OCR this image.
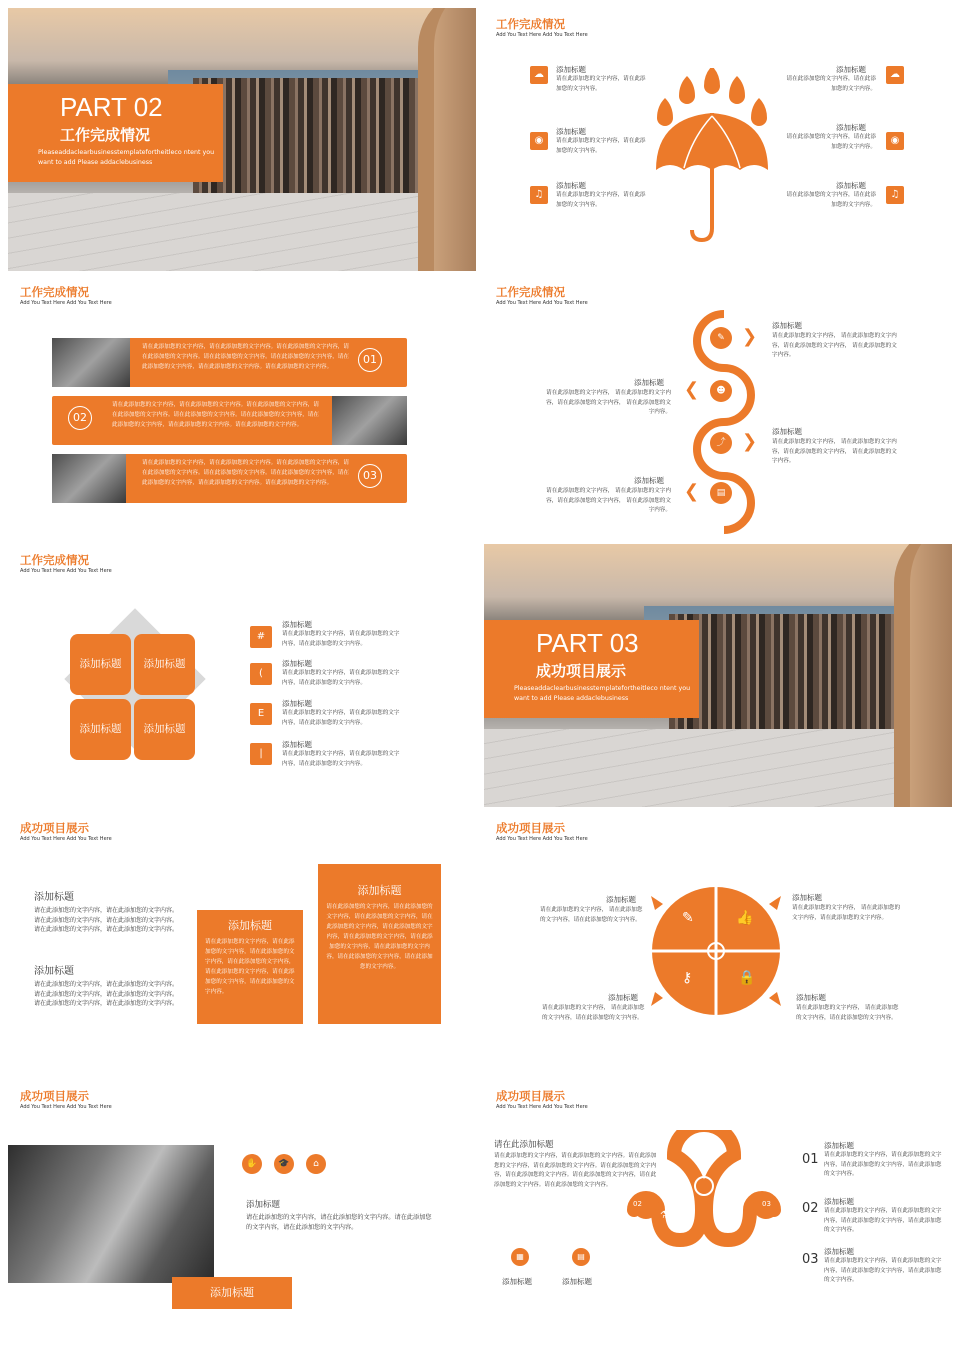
PART 02
工作完成情况
Pleaseaddaclearbusinesstemplatefortheitleco ntent you want to add Please addaclebusiness
工作完成情况
Add You Text Here Add You Text Here
☁	添加标题
请在此添加您的文字内容，请在此添加您的文字内容。
◉
添加标题
请在此添加您的文字内容，请在此添加您的文字内容。
♫
添加标题
请在此添加您的文字内容，请在此添加您的文字内容。
☁
添加标题
请在此添加您的文字内容，请在此添加您的文字内容。
◉
添加标题
请在此添加您的文字内容，请在此添加您的文字内容。
♫
添加标题
请在此添加您的文字内容，请在此添加您的文字内容。
工作完成情况
Add You Text Here Add You Text Here
请在此添加您的文字内容，请在此添加您的文字内容。请在此添加您的文字内容，请在此添加您的文字内容。请在此添加您的文字内容。请在此添加您的文字内容，请在此添加您的文字内容，请在此添加您的文字内容。请在此添加您的文字内容。
01
02
请在此添加您的文字内容，请在此添加您的文字内容。请在此添加您的文字内容，请在此添加您的文字内容。请在此添加您的文字内容。请在此添加您的文字内容，请在此添加您的文字内容，请在此添加您的文字内容。请在此添加您的文字内容。
请在此添加您的文字内容，请在此添加您的文字内容。请在此添加您的文字内容，请在此添加您的文字内容。请在此添加您的文字内容。请在此添加您的文字内容，请在此添加您的文字内容，请在此添加您的文字内容。请在此添加您的文字内容。
03
工作完成情况
Add You Text Here Add You Text Here
✎
☻
⤴
▤
❯
❮
❯
❮
添加标题
请在此添加您的文字内容， 请在此添加您的文字内容，请在此添加您的文字内容， 请在此添加您的文字内容。
添加标题
请在此添加您的文字内容， 请在此添加您的文字内容，请在此添加您的文字内容， 请在此添加您的文字内容。
添加标题
请在此添加您的文字内容， 请在此添加您的文字内容，请在此添加您的文字内容， 请在此添加您的文字内容。
添加标题
请在此添加您的文字内容， 请在此添加您的文字内容，请在此添加您的文字内容， 请在此添加您的文字内容。
工作完成情况
Add You Text Here Add You Text Here
添加标题	添加标题
添加标题	添加标题
#
添加标题
请在此添加您的文字内容，请在此添加您的文字内容，请在此添加您的文字内容。
(
添加标题
请在此添加您的文字内容，请在此添加您的文字内容，请在此添加您的文字内容。
E
添加标题
请在此添加您的文字内容，请在此添加您的文字内容，请在此添加您的文字内容。
|
添加标题
请在此添加您的文字内容，请在此添加您的文字内容，请在此添加您的文字内容。
PART 03
成功项目展示
Pleaseaddaclearbusinesstemplatefortheitleco ntent you want to add Please addaclebusiness
成功项目展示
Add You Text Here Add You Text Here
添加标题
请在此添加您的文字内容，请在此添加您的文字内容。请在此添加您的文字内容，请在此添加您的文字内容。请在此添加您的文字内容，请在此添加您的文字内容。
添加标题
请在此添加您的文字内容，请在此添加您的文字内容。请在此添加您的文字内容，请在此添加您的文字内容。请在此添加您的文字内容，请在此添加您的文字内容。
添加标题
请在此添加您的文字内容，请在此添加您的文字内容，请在此添加您的文字内容，请在此添加您的文字内容，请在此添加您的文字内容，请在此添加您的文字内容，请在此添加您的文字内容。
添加标题
请在此添加您的文字内容，请在此添加您的文字内容，请在此添加您的文字内容，请在此添加您的文字内容，请在此添加您的文字内容，请在此添加您的文字内容，请在此添加您的文字内容，请在此添加您的文字内容，请在此添加您的文字内容，请在此添加您的文字内容。
成功项目展示
Add You Text Here Add You Text Here
✎	👍
⚷	🔒
添加标题
请在此添加您的文字内容， 请在此添加您的文字内容，请在此添加您的文字内容。
添加标题
请在此添加您的文字内容， 请在此添加您的文字内容，请在此添加您的文字内容。
添加标题
请在此添加您的文字内容， 请在此添加您的文字内容，请在此添加您的文字内容。
添加标题
请在此添加您的文字内容， 请在此添加您的文字内容，请在此添加您的文字内容。
成功项目展示
Add You Text Here Add You Text Here
✋	🎓	⌂
添加标题
请在此添加您的文字内容，请在此添加您的文字内容。请在此添加您的文字内容，请在此添加您的文字内容。
添加标题
成功项目展示
Add You Text Here Add You Text Here
请在此添加标题
请在此添加您的文字内容，请在此添加您的文字内容。请在此添加您的文字内容，请在此添加您的文字内容。请在此添加您的文字内容，请在此添加您的文字内容。请在此添加您的文字内容，请在此添加您的文字内容。请在此添加您的文字内容。
01
02	03
⚗	⌇
▦	▤
添加标题	添加标题
01
添加标题
请在此添加您的文字内容，请在此添加您的文字内容，请在此添加您的文字内容，请在此添加您的文字内容。
02 添加标题
请在此添加您的文字内容，请在此添加您的文字内容，请在此添加您的文字内容，请在此添加您的文字内容。
03
添加标题
请在此添加您的文字内容，请在此添加您的文字内容，请在此添加您的文字内容，请在此添加您的文字内容。
